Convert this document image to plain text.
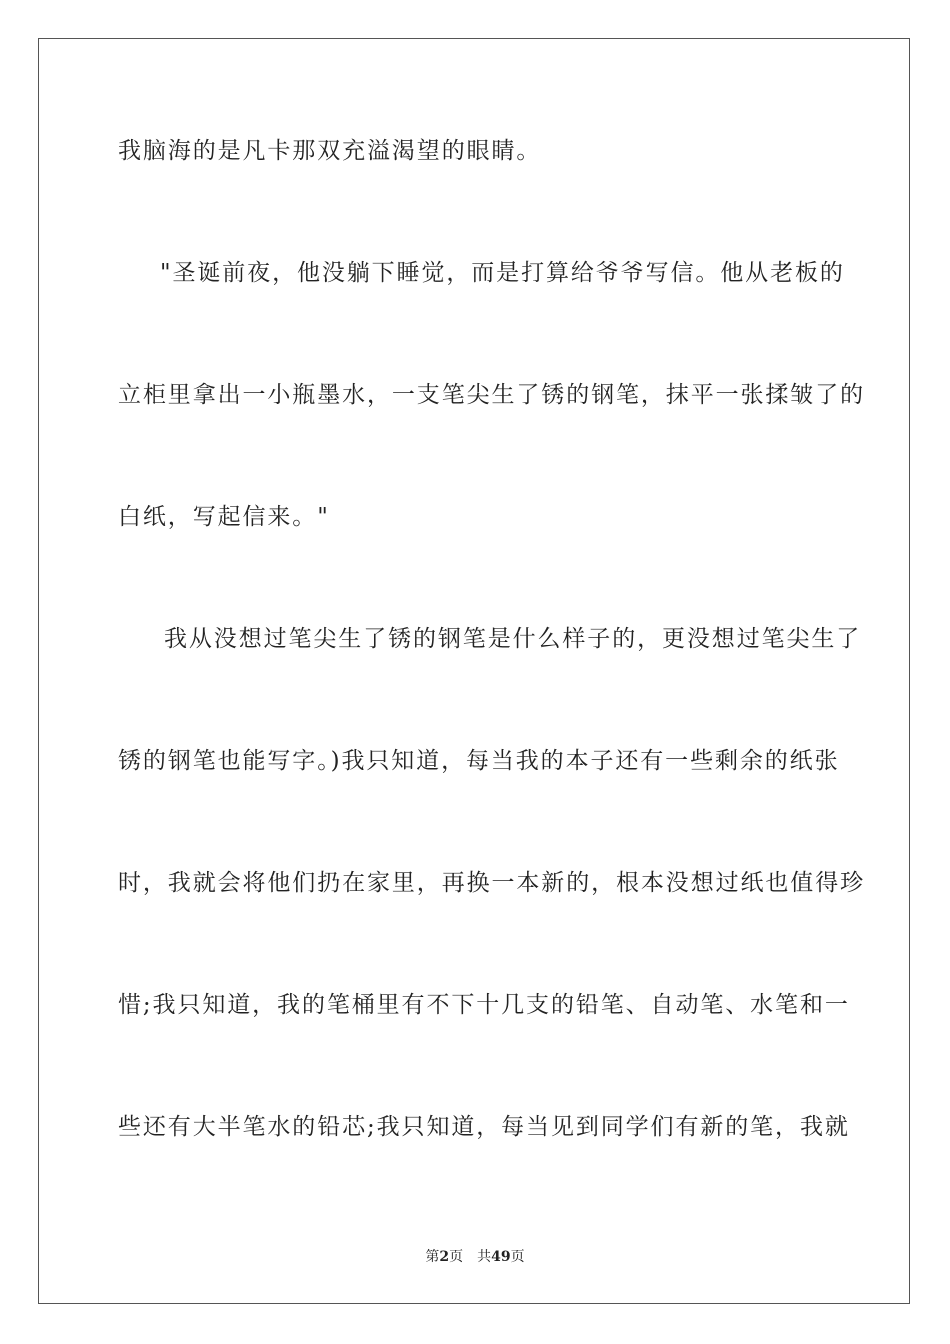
我脑海的是凡卡那双充溢渴望的眼睛。
"圣诞前夜，他没躺下睡觉，而是打算给爷爷写信。他从老板的
立柜里拿出一小瓶墨水，一支笔尖生了锈的钢笔，抹平一张揉皱了的
白纸，写起信来。"
我从没想过笔尖生了锈的钢笔是什么样子的，更没想过笔尖生了
锈的钢笔也能写字。)我只知道，每当我的本子还有一些剩余的纸张
时，我就会将他们扔在家里，再换一本新的，根本没想过纸也值得珍
惜;我只知道，我的笔桶里有不下十几支的铅笔、自动笔、水笔和一
些还有大半笔水的铅芯;我只知道，每当见到同学们有新的笔，我就
第2页 共49页
